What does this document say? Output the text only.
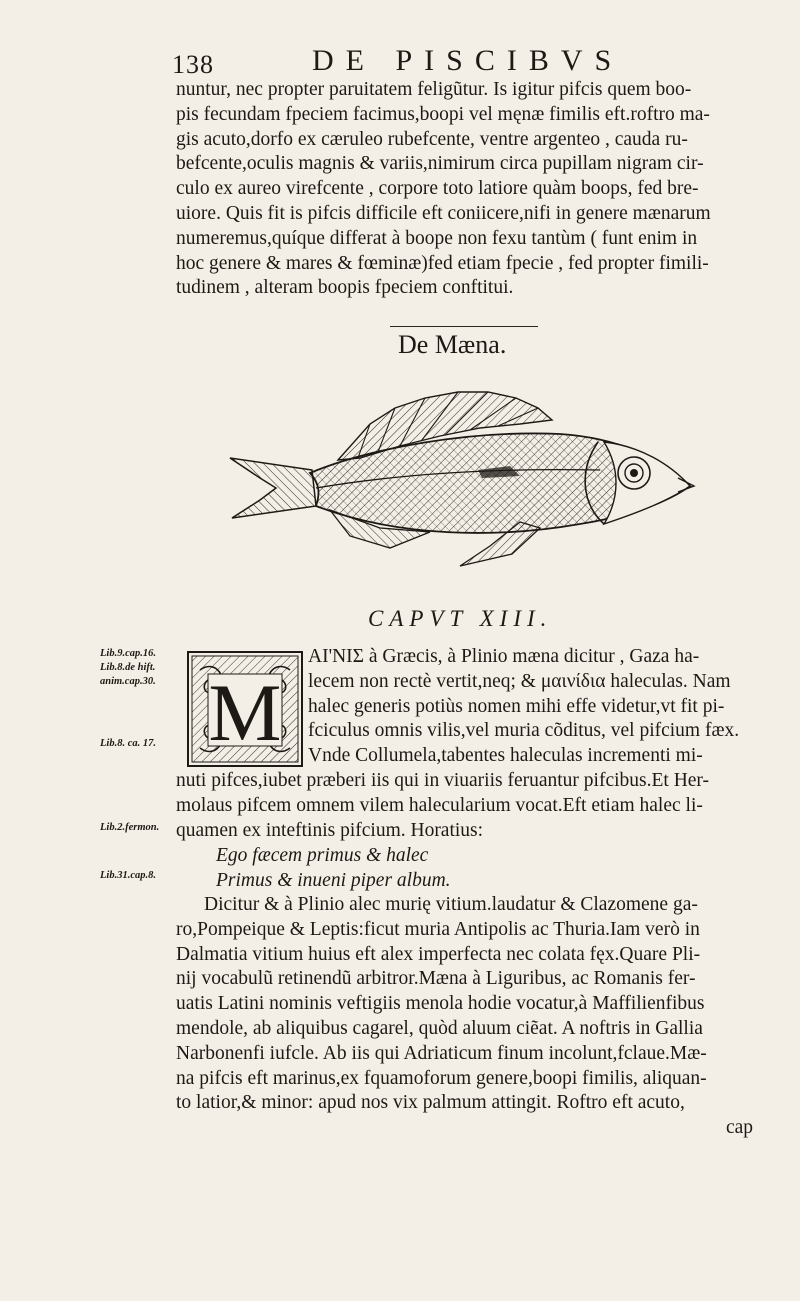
138	DE PISCIBVS
nuntur, nec propter paruitatem feligũtur. Is igitur pifcis quem boo-
pis fecundam fpeciem facimus,boopi vel męnæ fimilis eft.roftro ma-
gis acuto,dorfo ex cæruleo rubefcente, ventre argenteo , cauda ru-
befcente,oculis magnis & variis,nimirum circa pupillam nigram cir-
culo ex aureo virefcente , corpore toto latiore quàm boops, fed bre-
uiore. Quis fit is pifcis difficile eft coniicere,nifi in genere mænarum
numeremus,quíque differat à boope non fexu tantùm ( funt enim in
hoc genere & mares & fœminæ)fed etiam fpecie , fed propter fimili-
tudinem , alteram boopis fpeciem conftitui.
De Mæna.
CAPVT XIII.
Lib.9.cap.16.
Lib.8.de hift.
anim.cap.30.
Lib.8. ca. 17.
Lib.2.fermon.
Lib.31.cap.8.
M
AI'NIΣ à Græcis, à Plinio mæna dicitur , Gaza ha-
lecem non rectè vertit,neq; & μαινίδια haleculas. Nam
halec generis potiùs nomen mihi effe videtur,vt fit pi-
fciculus omnis vilis,vel muria cõditus, vel pifcium fæx.
Vnde Collumela,tabentes haleculas incrementi mi-
nuti pifces,iubet præberi iis qui in viuariis feruantur pifcibus.Et Her-
molaus pifcem omnem vilem halecularium vocat.Eft etiam halec li-
quamen ex inteftinis pifcium. Horatius:
Ego fæcem primus & halec
Primus & inueni piper album.
Dicitur & à Plinio alec murię vitium.laudatur & Clazomene ga-
ro,Pompeique & Leptis:ficut muria Antipolis ac Thuria.Iam verò in
Dalmatia vitium huius eft alex imperfecta nec colata fęx.Quare Pli-
nij vocabulũ retinendũ arbitror.Mæna à Liguribus, ac Romanis fer-
uatis Latini nominis veftigiis menola hodie vocatur,à Maffilienfibus
mendole, ab aliquibus cagarel, quòd aluum ciẽat. A noftris in Gallia
Narbonenfi iufcle. Ab iis qui Adriaticum finum incolunt,fclaue.Mæ-
na pifcis eft marinus,ex fquamoforum genere,boopi fimilis, aliquan-
to latior,& minor: apud nos vix palmum attingit. Roftro eft acuto,
cap
